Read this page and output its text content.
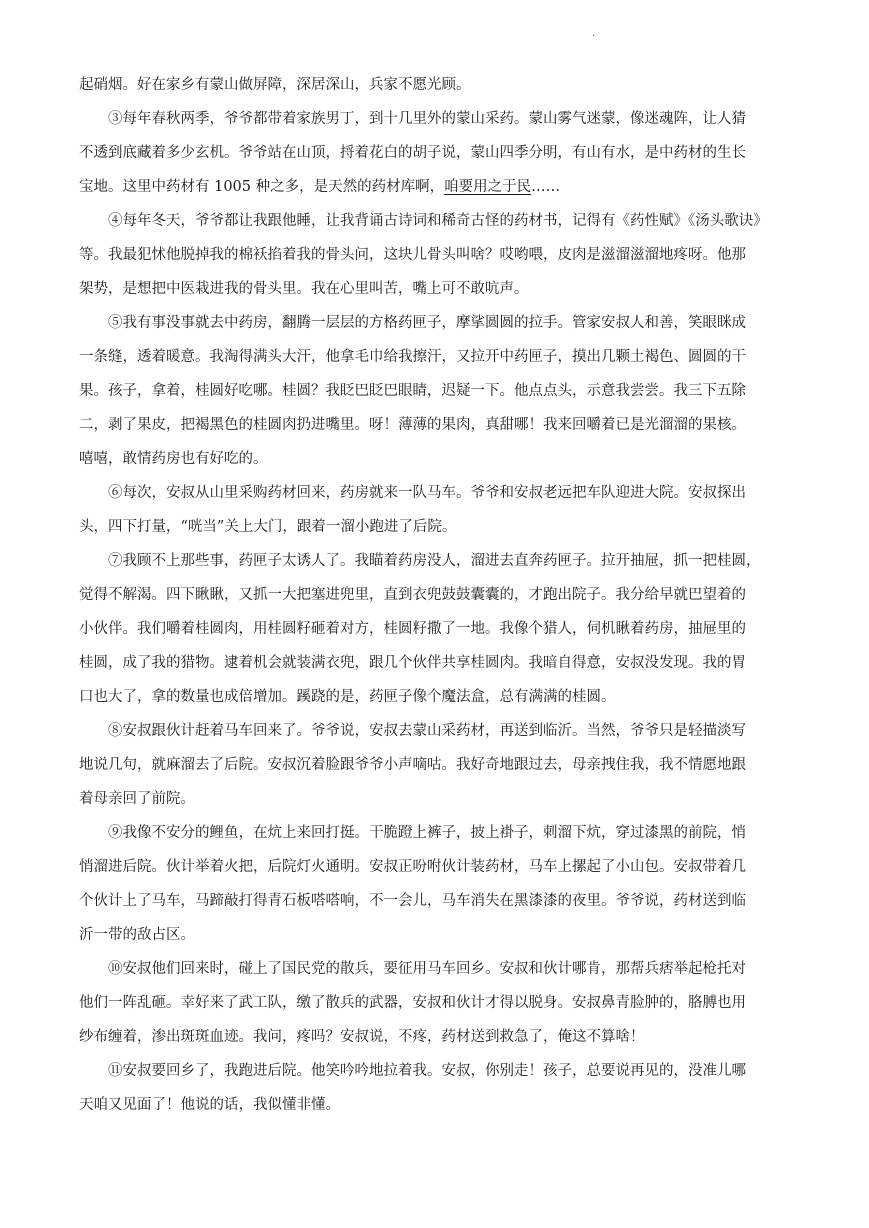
.
起硝烟。好在家乡有蒙山做屏障，深居深山，兵家不愿光顾。
③每年春秋两季，爷爷都带着家族男丁，到十几里外的蒙山采药。蒙山雾气迷蒙，像迷魂阵，让人猜
不透到底藏着多少玄机。爷爷站在山顶，捋着花白的胡子说，蒙山四季分明，有山有水，是中药材的生长
宝地。这里中药材有 1005 种之多，是天然的药材库啊，咱要用之于民……
④每年冬天，爷爷都让我跟他睡，让我背诵古诗词和稀奇古怪的药材书，记得有《药性赋》《汤头歌诀》
等。我最犯怵他脱掉我的棉袄掐着我的骨头问，这块儿骨头叫啥？哎哟喂，皮肉是滋溜滋溜地疼呀。他那
架势，是想把中医栽进我的骨头里。我在心里叫苦，嘴上可不敢吭声。
⑤我有事没事就去中药房，翻腾一层层的方格药匣子，摩挲圆圆的拉手。管家安叔人和善，笑眼眯成
一条缝，透着暖意。我淘得满头大汗，他拿毛巾给我擦汗，又拉开中药匣子，摸出几颗土褐色、圆圆的干
果。孩子，拿着，桂圆好吃哪。桂圆？我眨巴眨巴眼睛，迟疑一下。他点点头，示意我尝尝。我三下五除
二，剥了果皮，把褐黑色的桂圆肉扔进嘴里。呀！薄薄的果肉，真甜哪！我来回嚼着已是光溜溜的果核。
嘻嘻，敢情药房也有好吃的。
⑥每次，安叔从山里采购药材回来，药房就来一队马车。爷爷和安叔老远把车队迎进大院。安叔探出
头，四下打量，“咣当”关上大门，跟着一溜小跑进了后院。
⑦我顾不上那些事，药匣子太诱人了。我瞄着药房没人，溜进去直奔药匣子。拉开抽屉，抓一把桂圆，
觉得不解渴。四下瞅瞅，又抓一大把塞进兜里，直到衣兜鼓鼓囊囊的，才跑出院子。我分给早就巴望着的
小伙伴。我们嚼着桂圆肉，用桂圆籽砸着对方，桂圆籽撒了一地。我像个猎人，伺机瞅着药房，抽屉里的
桂圆，成了我的猎物。逮着机会就装满衣兜，跟几个伙伴共享桂圆肉。我暗自得意，安叔没发现。我的胃
口也大了，拿的数量也成倍增加。蹊跷的是，药匣子像个魔法盒，总有满满的桂圆。
⑧安叔跟伙计赶着马车回来了。爷爷说，安叔去蒙山采药材，再送到临沂。当然，爷爷只是轻描淡写
地说几句，就麻溜去了后院。安叔沉着脸跟爷爷小声嘀咕。我好奇地跟过去，母亲拽住我，我不情愿地跟
着母亲回了前院。
⑨我像不安分的鲤鱼，在炕上来回打挺。干脆蹬上裤子，披上褂子，刺溜下炕，穿过漆黑的前院，悄
悄溜进后院。伙计举着火把，后院灯火通明。安叔正吩咐伙计装药材，马车上摞起了小山包。安叔带着几
个伙计上了马车，马蹄敲打得青石板嗒嗒响，不一会儿，马车消失在黑漆漆的夜里。爷爷说，药材送到临
沂一带的敌占区。
⑩安叔他们回来时，碰上了国民党的散兵，要征用马车回乡。安叔和伙计哪肯，那帮兵痞举起枪托对
他们一阵乱砸。幸好来了武工队，缴了散兵的武器，安叔和伙计才得以脱身。安叔鼻青脸肿的，胳膊也用
纱布缠着，渗出斑斑血迹。我问，疼吗？安叔说，不疼，药材送到救急了，俺这不算啥！
⑪安叔要回乡了，我跑进后院。他笑吟吟地拉着我。安叔，你别走！孩子，总要说再见的，没准儿哪
天咱又见面了！他说的话，我似懂非懂。
